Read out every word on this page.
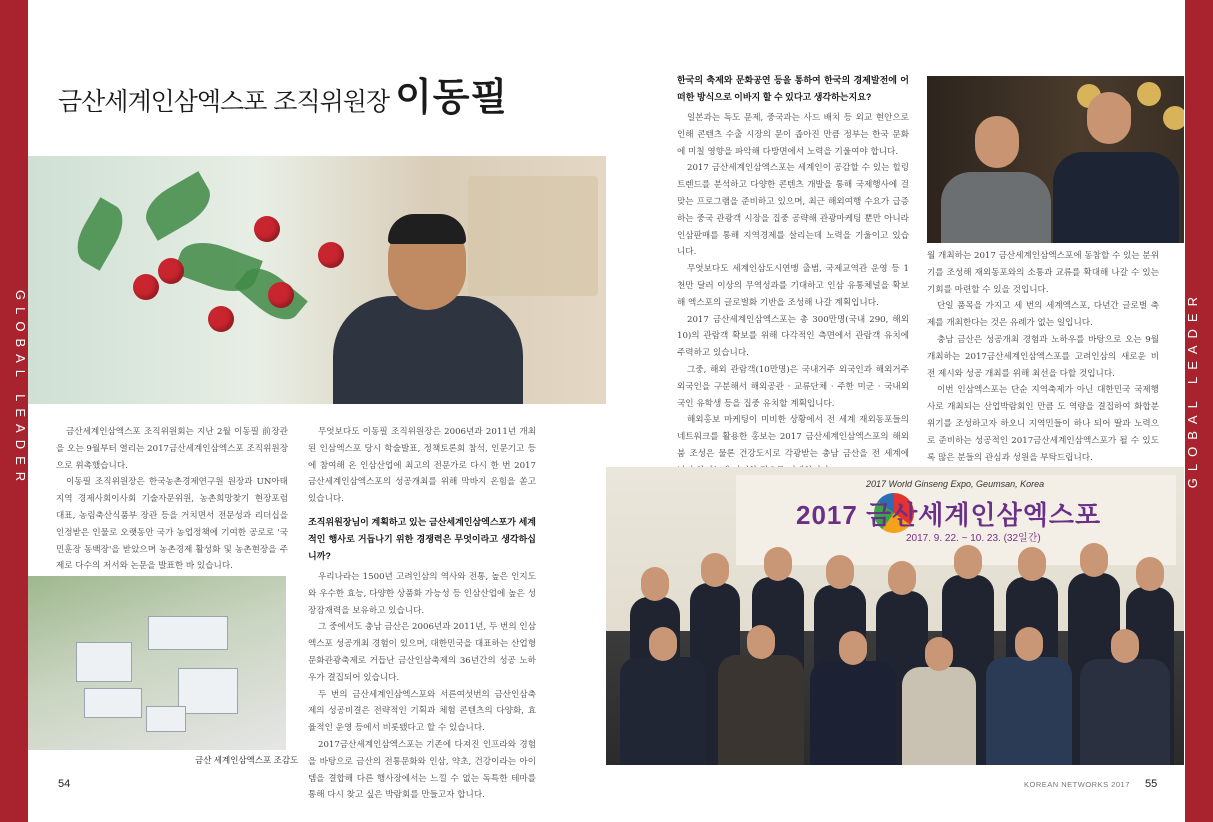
GLOBAL LEADER	GLOBAL LEADER
금산세계인삼엑스포 조직위원장 이동필

금산세계인삼엑스포 조직위원회는 지난 2월 이동필 前장관을 오는 9월부터 열리는 2017금산세계인삼엑스포 조직위원장으로 위촉했습니다.

이동필 조직위원장은 한국농촌경제연구원 원장과 UN아태지역 경제사회이사회 기술자문위원, 농촌희망찾기 현장포럼 대표, 농림축산식품부 장관 등을 거치면서 전문성과 리더십을 인정받은 인물로 오랫동안 국가 농업정책에 기여한 공로로 '국민훈장 동백장'을 받았으며 농촌경제 활성화 및 농촌현장을 주제로 다수의 저서와 논문을 발표한 바 있습니다.

금산 세계인삼엑스포 조감도

무엇보다도 이동필 조직위원장은 2006년과 2011년 개최된 인삼엑스포 당시 학술발표, 정책토론회 참석, 인문기고 등에 참여해 온 인삼산업에 최고의 전문가로 다시 한 번 2017 금산세계인삼엑스포의 성공개최를 위해 막바지 온힘을 쏟고 있습니다.

조직위원장님이 계획하고 있는 금산세계인삼엑스포가 세계적인 행사로 거듭나기 위한 경쟁력은 무엇이라고 생각하십니까?

우리나라는 1500년 고려인삼의 역사와 전통, 높은 인지도와 우수한 효능, 다양한 상품화 가능성 등 인삼산업에 높은 성장잠재력을 보유하고 있습니다.

그 중에서도 충남 금산은 2006년과 2011년, 두 번의 인삼엑스포 성공개최 경험이 있으며, 대한민국을 대표하는 산업형 문화관광축제로 거듭난 금산인삼축제의 36년간의 성공 노하우가 결집되어 있습니다.

두 번의 금산세계인삼엑스포와 서른여섯번의 금산인삼축제의 성공비결은 전략적인 기획과 체험 콘텐츠의 다양화, 효율적인 운영 등에서 비롯됐다고 할 수 있습니다.

2017금산세계인삼엑스포는 기존에 다져진 인프라와 경험을 바탕으로 금산의 전통문화와 인삼, 약초, 건강이라는 아이템을 결합해 다른 행사장에서는 느낄 수 없는 독특한 테마를 통해 다시 찾고 싶은 박람회를 만들고자 합니다.

한국의 축제와 문화공연 등을 통하여 한국의 경제발전에 어떠한 방식으로 이바지 할 수 있다고 생각하는지요?

일본과는 독도 문제, 중국과는 사드 배치 등 외교 현안으로 인해 콘텐츠 수출 시장의 문이 좁아진 만큼 정부는 한국 문화에 미칠 영향을 파악해 다방면에서 노력을 기울여야 합니다.

2017 금산세계인삼엑스포는 세계인이 공감할 수 있는 힐링 트렌드를 분석하고 다양한 콘텐츠 개발을 통해 국제행사에 걸맞는 프로그램을 준비하고 있으며, 최근 해외여행 수요가 급증하는 중국 관광객 시장을 집중 공략해 관광마케팅 뿐만 아니라 인삼판매를 통해 지역경제를 살리는데 노력을 기울이고 있습니다.

무엇보다도 세계인삼도시연맹 출범, 국제교역관 운영 등 1천만 달러 이상의 무역성과를 기대하고 인삼 유통체널을 확보해 엑스포의 글로벌화 기반을 조성해 나갈 계획입니다.

2017 금산세계인삼엑스포는 총 300만명(국내 290, 해외10)의 관람객 확보를 위해 다각적인 측면에서 관람객 유치에 주력하고 있습니다.

그중, 해외 관람객(10만명)은 국내거주 외국인과 해외거주 외국인을 구분해서 해외공관 · 교류단체 · 주한 미군 · 국내외국인 유학생 등을 집중 유치할 계획입니다.

해외홍보 마케팅이 미비한 상황에서 전 세계 재외동포들의 네트워크를 활용한 홍보는 2017 금산세계인삼엑스포의 해외붐 조성은 물론 건강도시로 각광받는 충남 금산을 전 세계에

월 개최하는 2017 금산세계인삼엑스포에 동참할 수 있는 분위기를 조성해 재외동포와의 소통과 교류를 확대해 나갈 수 있는 기회를 마련할 수 있을 것입니다.

단일 품목을 가지고 세 번의 세계엑스포, 다년간 글로벌 축제를 개최한다는 것은 유례가 없는 일입니다.

충남 금산은 성공개최 경험과 노하우를 바탕으로 오는 9월 개최하는 2017금산세계인삼엑스포를 고려인삼의 새로운 비전 제시와 성공 개최를 위해 최선을 다할 것입니다.

이번 인삼엑스포는 단순 지역축제가 아닌 대한민국 국제행사로 개최되는 산업박람회인 만큼 도 역량을 결집하여 화합분위기를 조성하고자 하오니 지역민들이 하나 되어 딸과 노력으로 준비하는 성공적인 2017금산세계인삼엑스포가 될 수 있도록 많은 분들의 관심과 성원을 부탁드립니다.

2017 World Ginseng Expo, Geumsan, Korea
2017 금산세계인삼엑스포
2017. 9. 22. ~ 10. 23. (32일간)
54	KOREAN NETWORKS 2017 55
